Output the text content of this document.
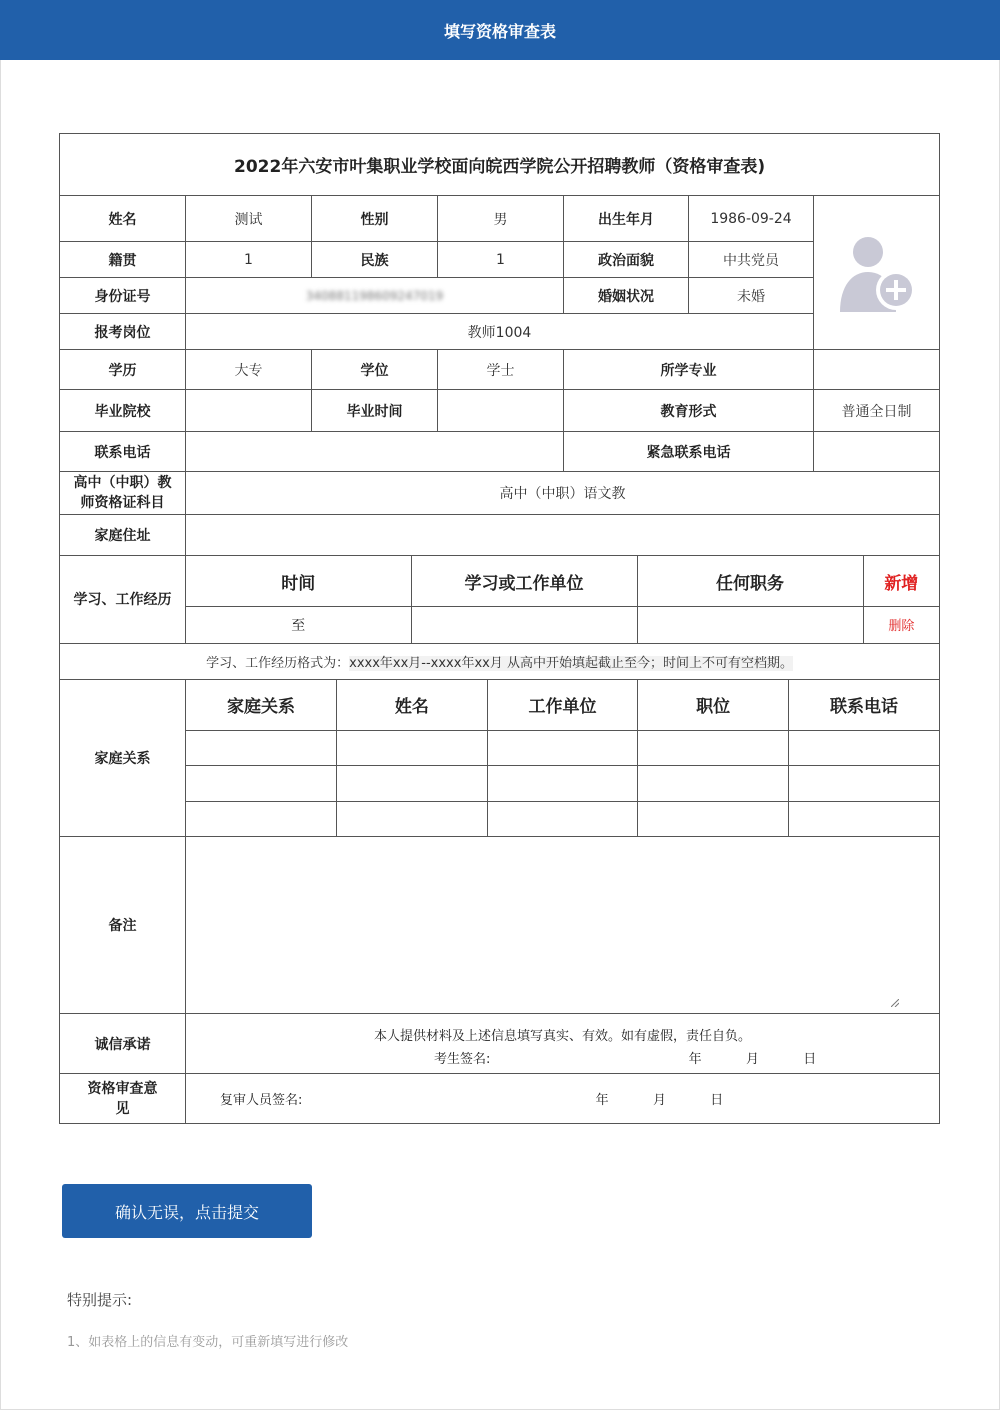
填写资格审查表
2022年六安市叶集职业学校面向皖西学院公开招聘教师（资格审查表)
姓名	测试	性别	男	出生年月	1986-09-24	
籍贯	1	民族	1	政治面貌	中共党员
身份证号	340881198609247019	婚姻状况	未婚
报考岗位	教师1004
学历	大专	学位	学士	所学专业	
毕业院校		毕业时间		教育形式	普通全日制
联系电话		紧急联系电话	
高中（中职）教师资格证科目	高中（中职）语文教
家庭住址	
学习、工作经历	
时间	学习或工作单位	任何职务	新增
至			删除

学习、工作经历格式为：xxxx年xx月--xxxx年xx月 从高中开始填起截止至今；时间上不可有空档期。
家庭关系	
家庭关系	姓名	工作单位	职位	联系电话

备注	

诚信承诺	
本人提供材料及上述信息填写真实、有效。如有虚假，责任自负。
考生签名:	年	月	日

资格审查意见	复审人员签名:	年	月	日
确认无误，点击提交
特别提示:
1、如表格上的信息有变动，可重新填写进行修改
